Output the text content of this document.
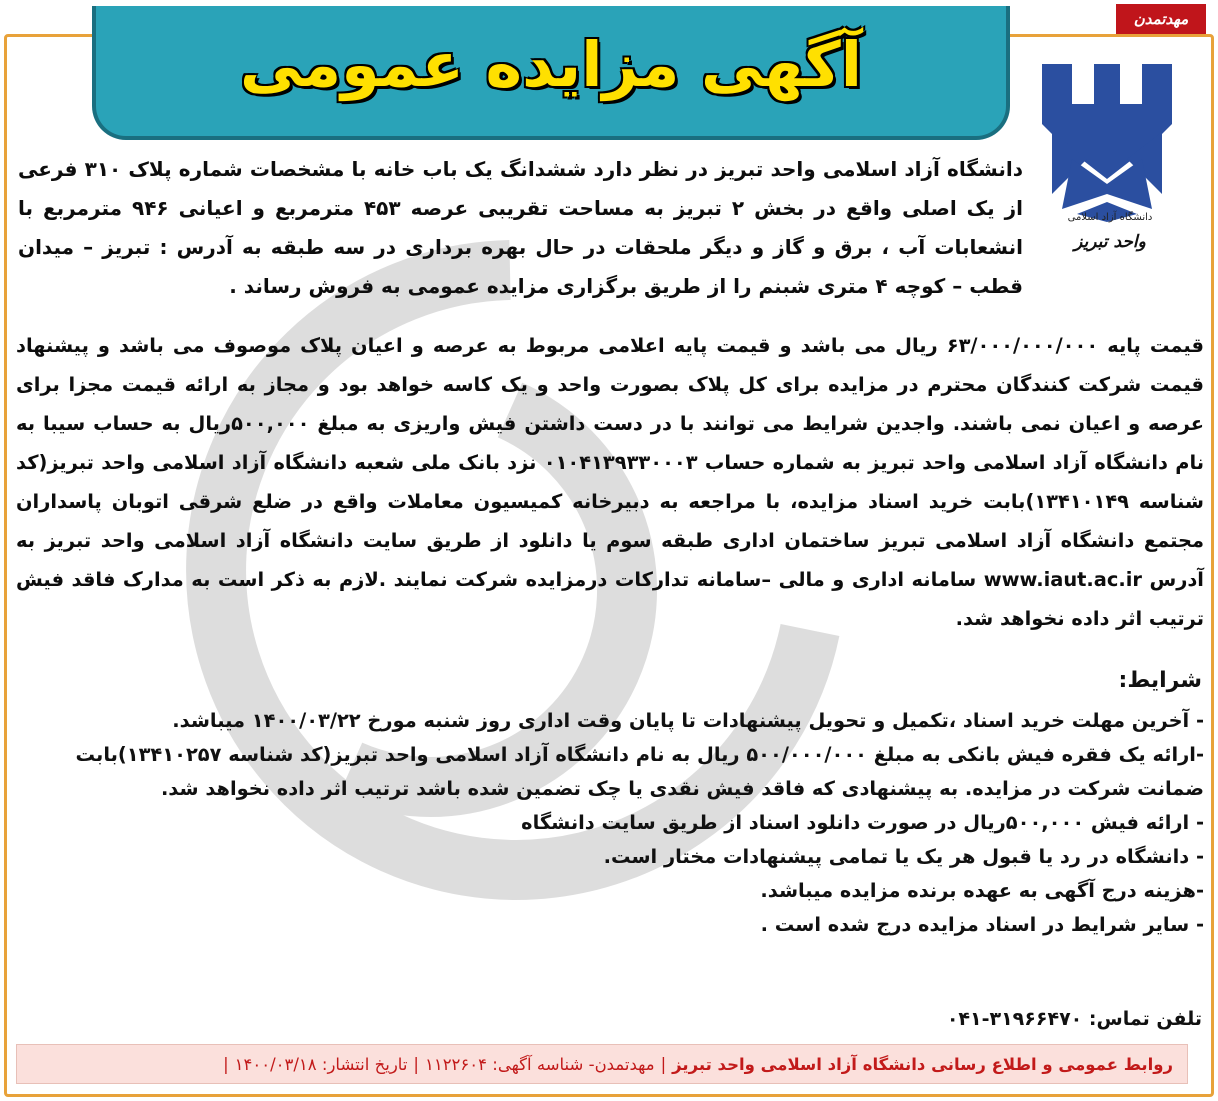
آگهی مزایده عمومی
مهدتمدن
دانشگاه آزاد اسلامی
واحد تبریز
دانشگاه آزاد اسلامی واحد تبریز در نظر دارد ششدانگ یک باب خانه با مشخصات شماره پلاک ۳۱۰ فرعی از یک اصلی واقع در بخش ۲ تبریز به مساحت تقریبی عرصه ۴۵۳ مترمربع و اعیانی ۹۴۶ مترمربع با انشعابات آب ، برق و گاز و دیگر ملحقات در حال بهره برداری در سه طبقه به آدرس : تبریز – میدان قطب – کوچه ۴ متری شبنم را از طریق برگزاری مزایده عمومی به فروش رساند .
قیمت پایه ۶۳/۰۰۰/۰۰۰/۰۰۰ ریال می باشد و قیمت پایه اعلامی مربوط به عرصه و اعیان پلاک موصوف می باشد و پیشنهاد قیمت شرکت کنندگان محترم در مزایده برای کل پلاک بصورت واحد و یک کاسه خواهد بود و مجاز به ارائه قیمت مجزا برای عرصه و اعیان نمی باشند. واجدین شرایط می توانند با در دست داشتن فیش واریزی به مبلغ ۵۰۰,۰۰۰ریال به حساب سیبا به نام دانشگاه آزاد اسلامی واحد تبریز به شماره حساب ۰۱۰۴۱۳۹۳۳۰۰۰۳ نزد بانک ملی شعبه دانشگاه آزاد اسلامی واحد تبریز(کد شناسه ۱۳۴۱۰۱۴۹)بابت خرید اسناد مزایده، با مراجعه به دبیرخانه کمیسیون معاملات واقع در ضلع شرقی اتوبان پاسداران مجتمع دانشگاه آزاد اسلامی تبریز ساختمان اداری طبقه سوم یا دانلود از طریق سایت دانشگاه آزاد اسلامی واحد تبریز به آدرس www.iaut.ac.ir سامانه اداری و مالی –سامانه تدارکات درمزایده شرکت نمایند .لازم به ذکر است به مدارک فاقد فیش ترتیب اثر داده نخواهد شد.
شرایط:
- آخرین مهلت خرید اسناد ،تکمیل و تحویل پیشنهادات تا پایان وقت اداری روز شنبه مورخ ۱۴۰۰/۰۳/۲۲ میباشد.
-ارائه یک فقره فیش بانکی به مبلغ ۵۰۰/۰۰۰/۰۰۰ ریال به نام دانشگاه آزاد اسلامی واحد تبریز(کد شناسه ۱۳۴۱۰۲۵۷)بابت ضمانت شرکت در مزایده. به پیشنهادی که فاقد فیش نقدی یا چک تضمین شده باشد ترتیب اثر داده نخواهد شد.
- ارائه فیش ۵۰۰,۰۰۰ریال در صورت دانلود اسناد از طریق سایت دانشگاه
- دانشگاه در رد یا قبول هر یک یا تمامی پیشنهادات مختار است.
-هزینه درج آگهی به عهده برنده مزایده میباشد.
- سایر شرایط در اسناد مزایده درج شده است .
تلفن تماس: ۰۴۱-۳۱۹۶۶۴۷۰
روابط عمومی و اطلاع رسانی دانشگاه آزاد اسلامی واحد تبریز
|
مهدتمدن- شناسه آگهی: ۱۱۲۲۶۰۴
|
تاریخ انتشار: ۱۴۰۰/۰۳/۱۸
|
